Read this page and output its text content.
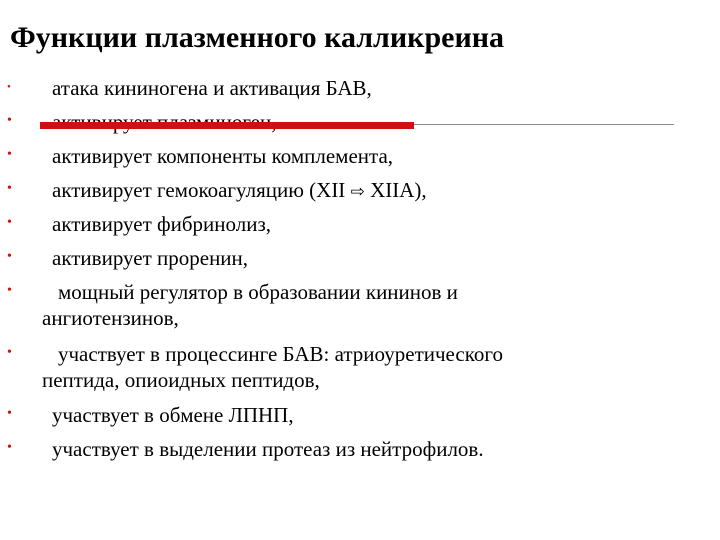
Функции плазменного калликреина
• атака кининогена и активация БАВ,
•
• активирует компоненты комплемента,
• активирует гемокоагуляцию (XII ⇨ XIIA),
• активирует фибринолиз,
• активирует проренин,
• мощный регулятор в образовании кининов и
ангиотензинов,
• участвует в процессинге БАВ: атриоуретического
пептида, опиоидных пептидов,
• участвует в обмене ЛПНП,
• участвует в выделении протеаз из нейтрофилов.
